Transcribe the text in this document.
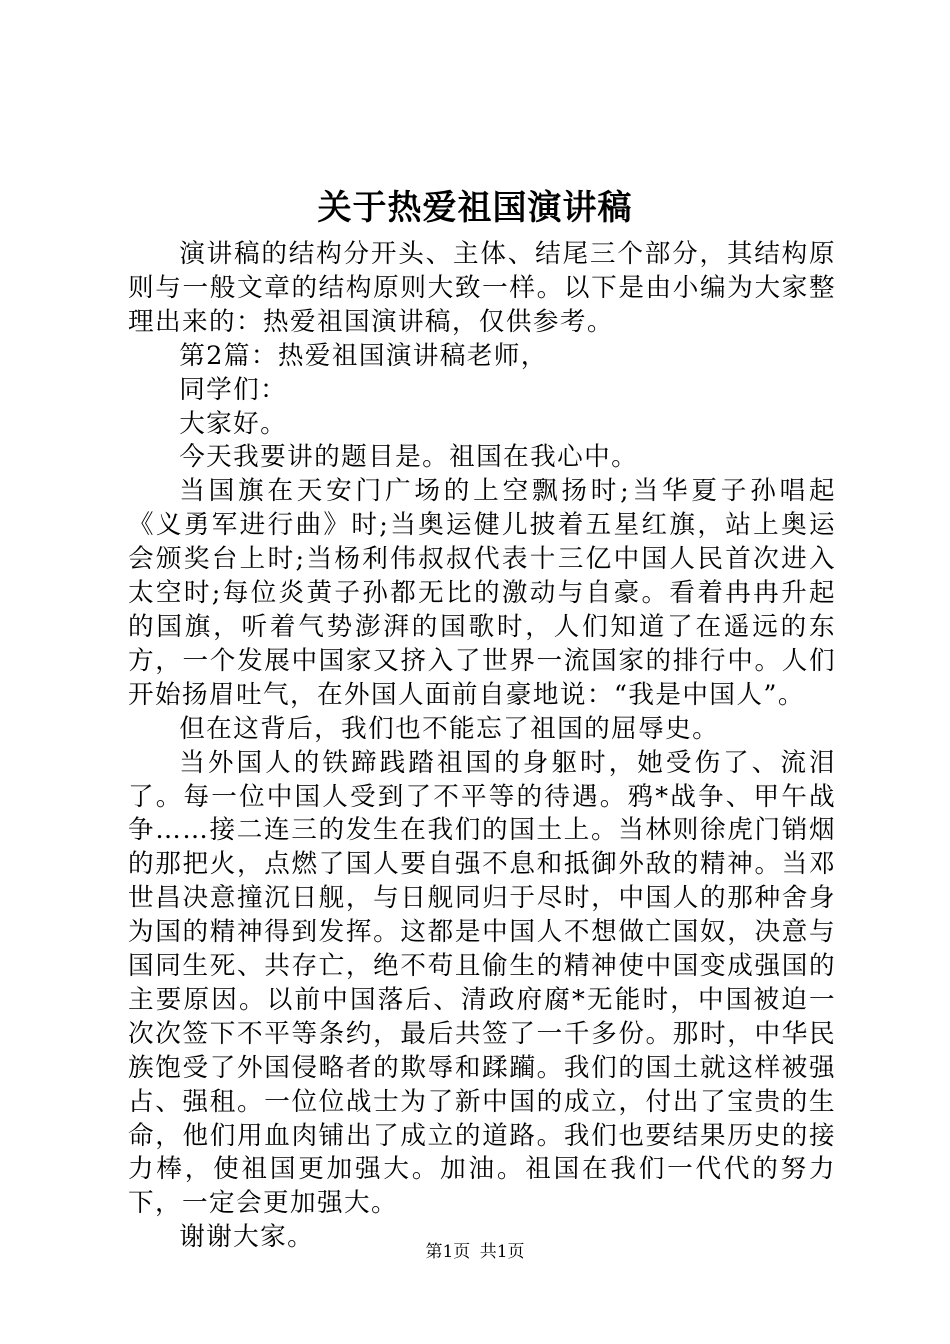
关于热爱祖国演讲稿

演讲稿的结构分开头、主体、结尾三个部分，其结构原则与一般文章的结构原则大致一样。以下是由小编为大家整理出来的：热爱祖国演讲稿，仅供参考。

第2篇：热爱祖国演讲稿老师，

同学们：

大家好。

今天我要讲的题目是。祖国在我心中。

当国旗在天安门广场的上空飘扬时;当华夏子孙唱起《义勇军进行曲》时;当奥运健儿披着五星红旗，站上奥运会颁奖台上时;当杨利伟叔叔代表十三亿中国人民首次进入太空时;每位炎黄子孙都无比的激动与自豪。看着冉冉升起的国旗，听着气势澎湃的国歌时，人们知道了在遥远的东方，一个发展中国家又挤入了世界一流国家的排行中。人们开始扬眉吐气，在外国人面前自豪地说：“我是中国人”。

但在这背后，我们也不能忘了祖国的屈辱史。

当外国人的铁蹄践踏祖国的身躯时，她受伤了、流泪了。每一位中国人受到了不平等的待遇。鸦*战争、甲午战争……接二连三的发生在我们的国土上。当林则徐虎门销烟的那把火，点燃了国人要自强不息和抵御外敌的精神。当邓世昌决意撞沉日舰，与日舰同归于尽时，中国人的那种舍身为国的精神得到发挥。这都是中国人不想做亡国奴，决意与国同生死、共存亡，绝不苟且偷生的精神使中国变成强国的主要原因。以前中国落后、清政府腐*无能时，中国被迫一次次签下不平等条约，最后共签了一千多份。那时，中华民族饱受了外国侵略者的欺辱和蹂躏。我们的国土就这样被强占、强租。一位位战士为了新中国的成立，付出了宝贵的生命，他们用血肉铺出了成立的道路。我们也要结果历史的接力棒，使祖国更加强大。加油。祖国在我们一代代的努力下，一定会更加强大。

谢谢大家。	第1页 共1页
